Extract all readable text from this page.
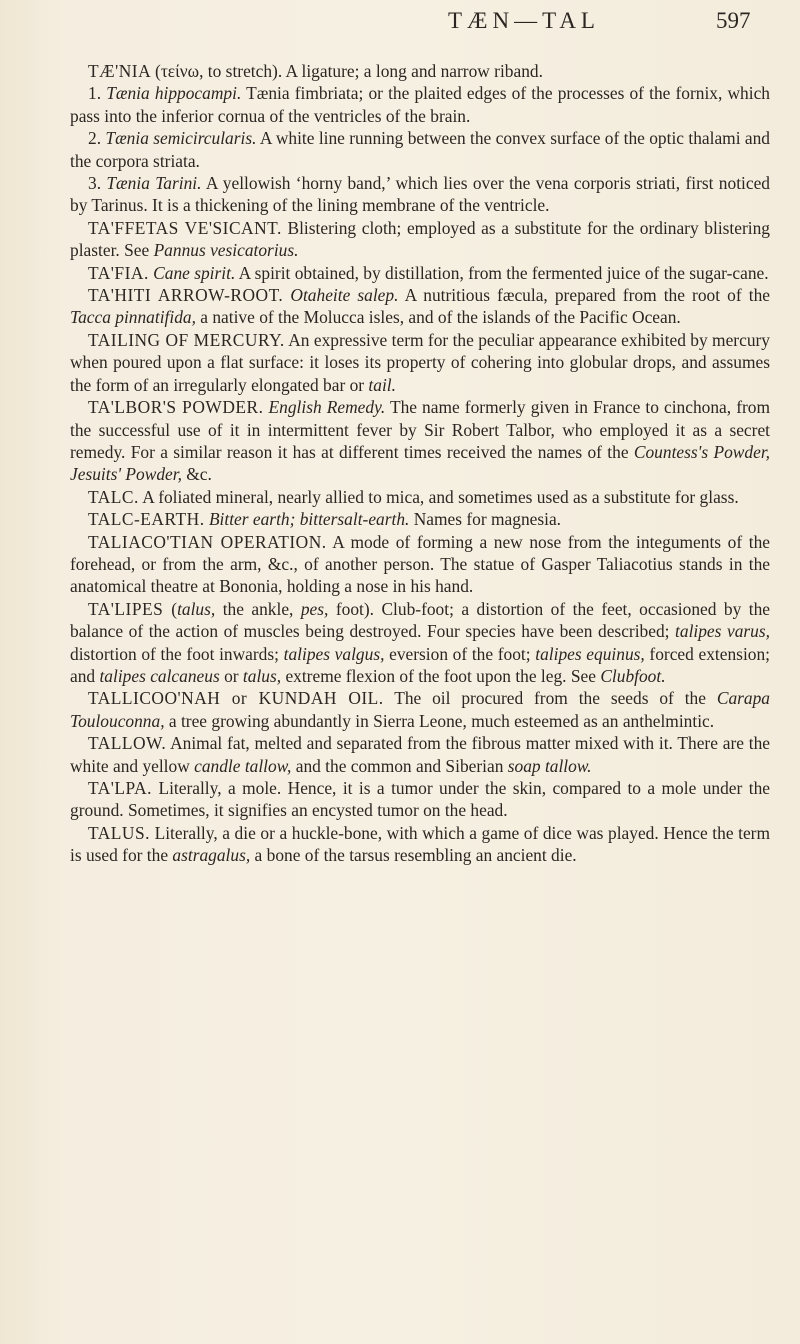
TÆN—TAL	597

TÆ'NIA (τείνω, to stretch). A ligature; a long and narrow riband.

1. Tænia hippocampi. Tænia fimbriata; or the plaited edges of the processes of the fornix, which pass into the inferior cornua of the ventricles of the brain.

2. Tænia semicircularis. A white line running between the convex surface of the optic thalami and the corpora striata.

3. Tænia Tarini. A yellowish ‘horny band,’ which lies over the vena corporis striati, first noticed by Tarinus. It is a thickening of the lining membrane of the ventricle.

TA'FFETAS VE'SICANT. Blistering cloth; employed as a substitute for the ordinary blistering plaster. See Pannus vesicatorius.

TA'FIA. Cane spirit. A spirit obtained, by distillation, from the fermented juice of the sugar-cane.

TA'HITI ARROW-ROOT. Otaheite salep. A nutritious fæcula, prepared from the root of the Tacca pinnatifida, a native of the Molucca isles, and of the islands of the Pacific Ocean.

TAILING OF MERCURY. An expressive term for the peculiar appearance exhibited by mercury when poured upon a flat surface: it loses its property of cohering into globular drops, and assumes the form of an irregularly elongated bar or tail.

TA'LBOR'S POWDER. English Remedy. The name formerly given in France to cinchona, from the successful use of it in intermittent fever by Sir Robert Talbor, who employed it as a secret remedy. For a similar reason it has at different times received the names of the Countess's Powder, Jesuits' Powder, &c.

TALC. A foliated mineral, nearly allied to mica, and sometimes used as a substitute for glass.

TALC-EARTH. Bitter earth; bittersalt-earth. Names for magnesia.

TALIACO'TIAN OPERATION. A mode of forming a new nose from the integuments of the forehead, or from the arm, &c., of another person. The statue of Gasper Taliacotius stands in the anatomical theatre at Bononia, holding a nose in his hand.

TA'LIPES (talus, the ankle, pes, foot). Club-foot; a distortion of the feet, occasioned by the balance of the action of muscles being destroyed. Four species have been described; talipes varus, distortion of the foot inwards; talipes valgus, eversion of the foot; talipes equinus, forced extension; and talipes calcaneus or talus, extreme flexion of the foot upon the leg. See Clubfoot.

TALLICOO'NAH or KUNDAH OIL. The oil procured from the seeds of the Carapa Toulouconna, a tree growing abundantly in Sierra Leone, much esteemed as an anthelmintic.

TALLOW. Animal fat, melted and separated from the fibrous matter mixed with it. There are the white and yellow candle tallow, and the common and Siberian soap tallow.

TA'LPA. Literally, a mole. Hence, it is a tumor under the skin, compared to a mole under the ground. Sometimes, it signifies an encysted tumor on the head.

TALUS. Literally, a die or a huckle-bone, with which a game of dice was played. Hence the term is used for the astragalus, a bone of the tarsus resembling an ancient die.
